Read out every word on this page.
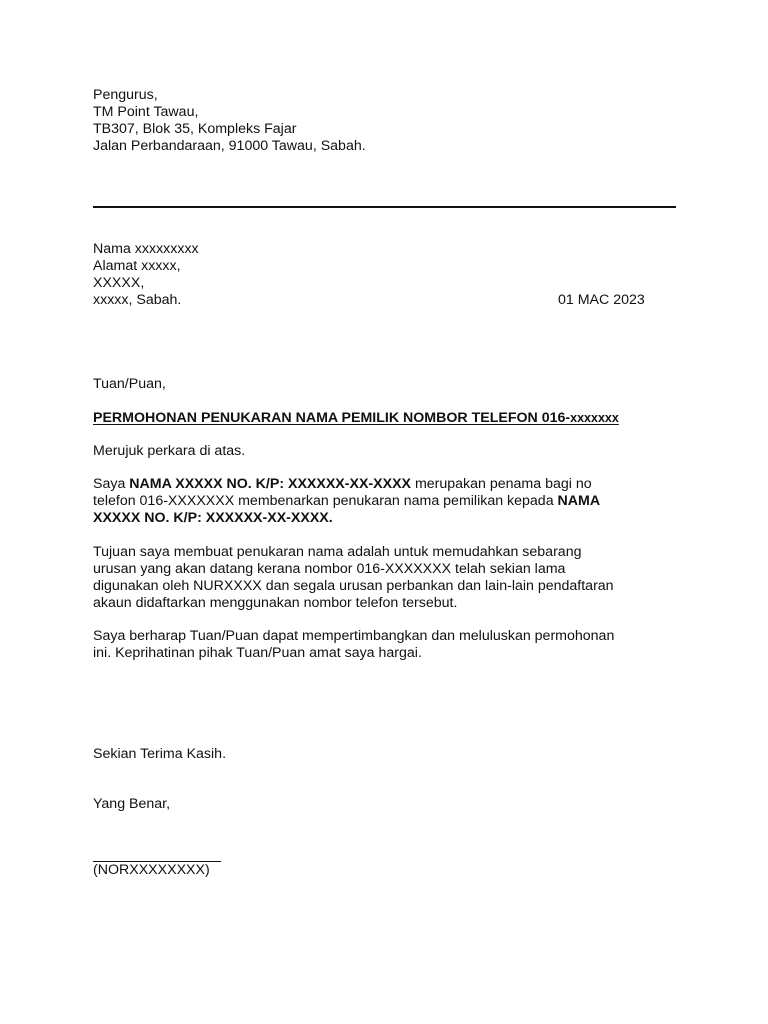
Pengurus,
TM Point Tawau,
TB307, Blok 35, Kompleks Fajar
Jalan Perbandaraan, 91000 Tawau, Sabah.
Nama xxxxxxxxx
Alamat xxxxx,
XXXXX,
xxxxx, Sabah.	01 MAC 2023
Tuan/Puan,
PERMOHONAN PENUKARAN NAMA PEMILIK NOMBOR TELEFON 016-xxxxxxx
Merujuk perkara di atas.
Saya NAMA XXXXX NO. K/P: XXXXXX-XX-XXXX merupakan penama bagi no
telefon 016-XXXXXXX membenarkan penukaran nama pemilikan kepada NAMA
XXXXX NO. K/P: XXXXXX-XX-XXXX.
Tujuan saya membuat penukaran nama adalah untuk memudahkan sebarang
urusan yang akan datang kerana nombor 016-XXXXXXX telah sekian lama
digunakan oleh NURXXXX dan segala urusan perbankan dan lain-lain pendaftaran
akaun didaftarkan menggunakan nombor telefon tersebut.
Saya berharap Tuan/Puan dapat mempertimbangkan dan meluluskan permohonan
ini. Keprihatinan pihak Tuan/Puan amat saya hargai.
Sekian Terima Kasih.
Yang Benar,
(NORXXXXXXXX)
